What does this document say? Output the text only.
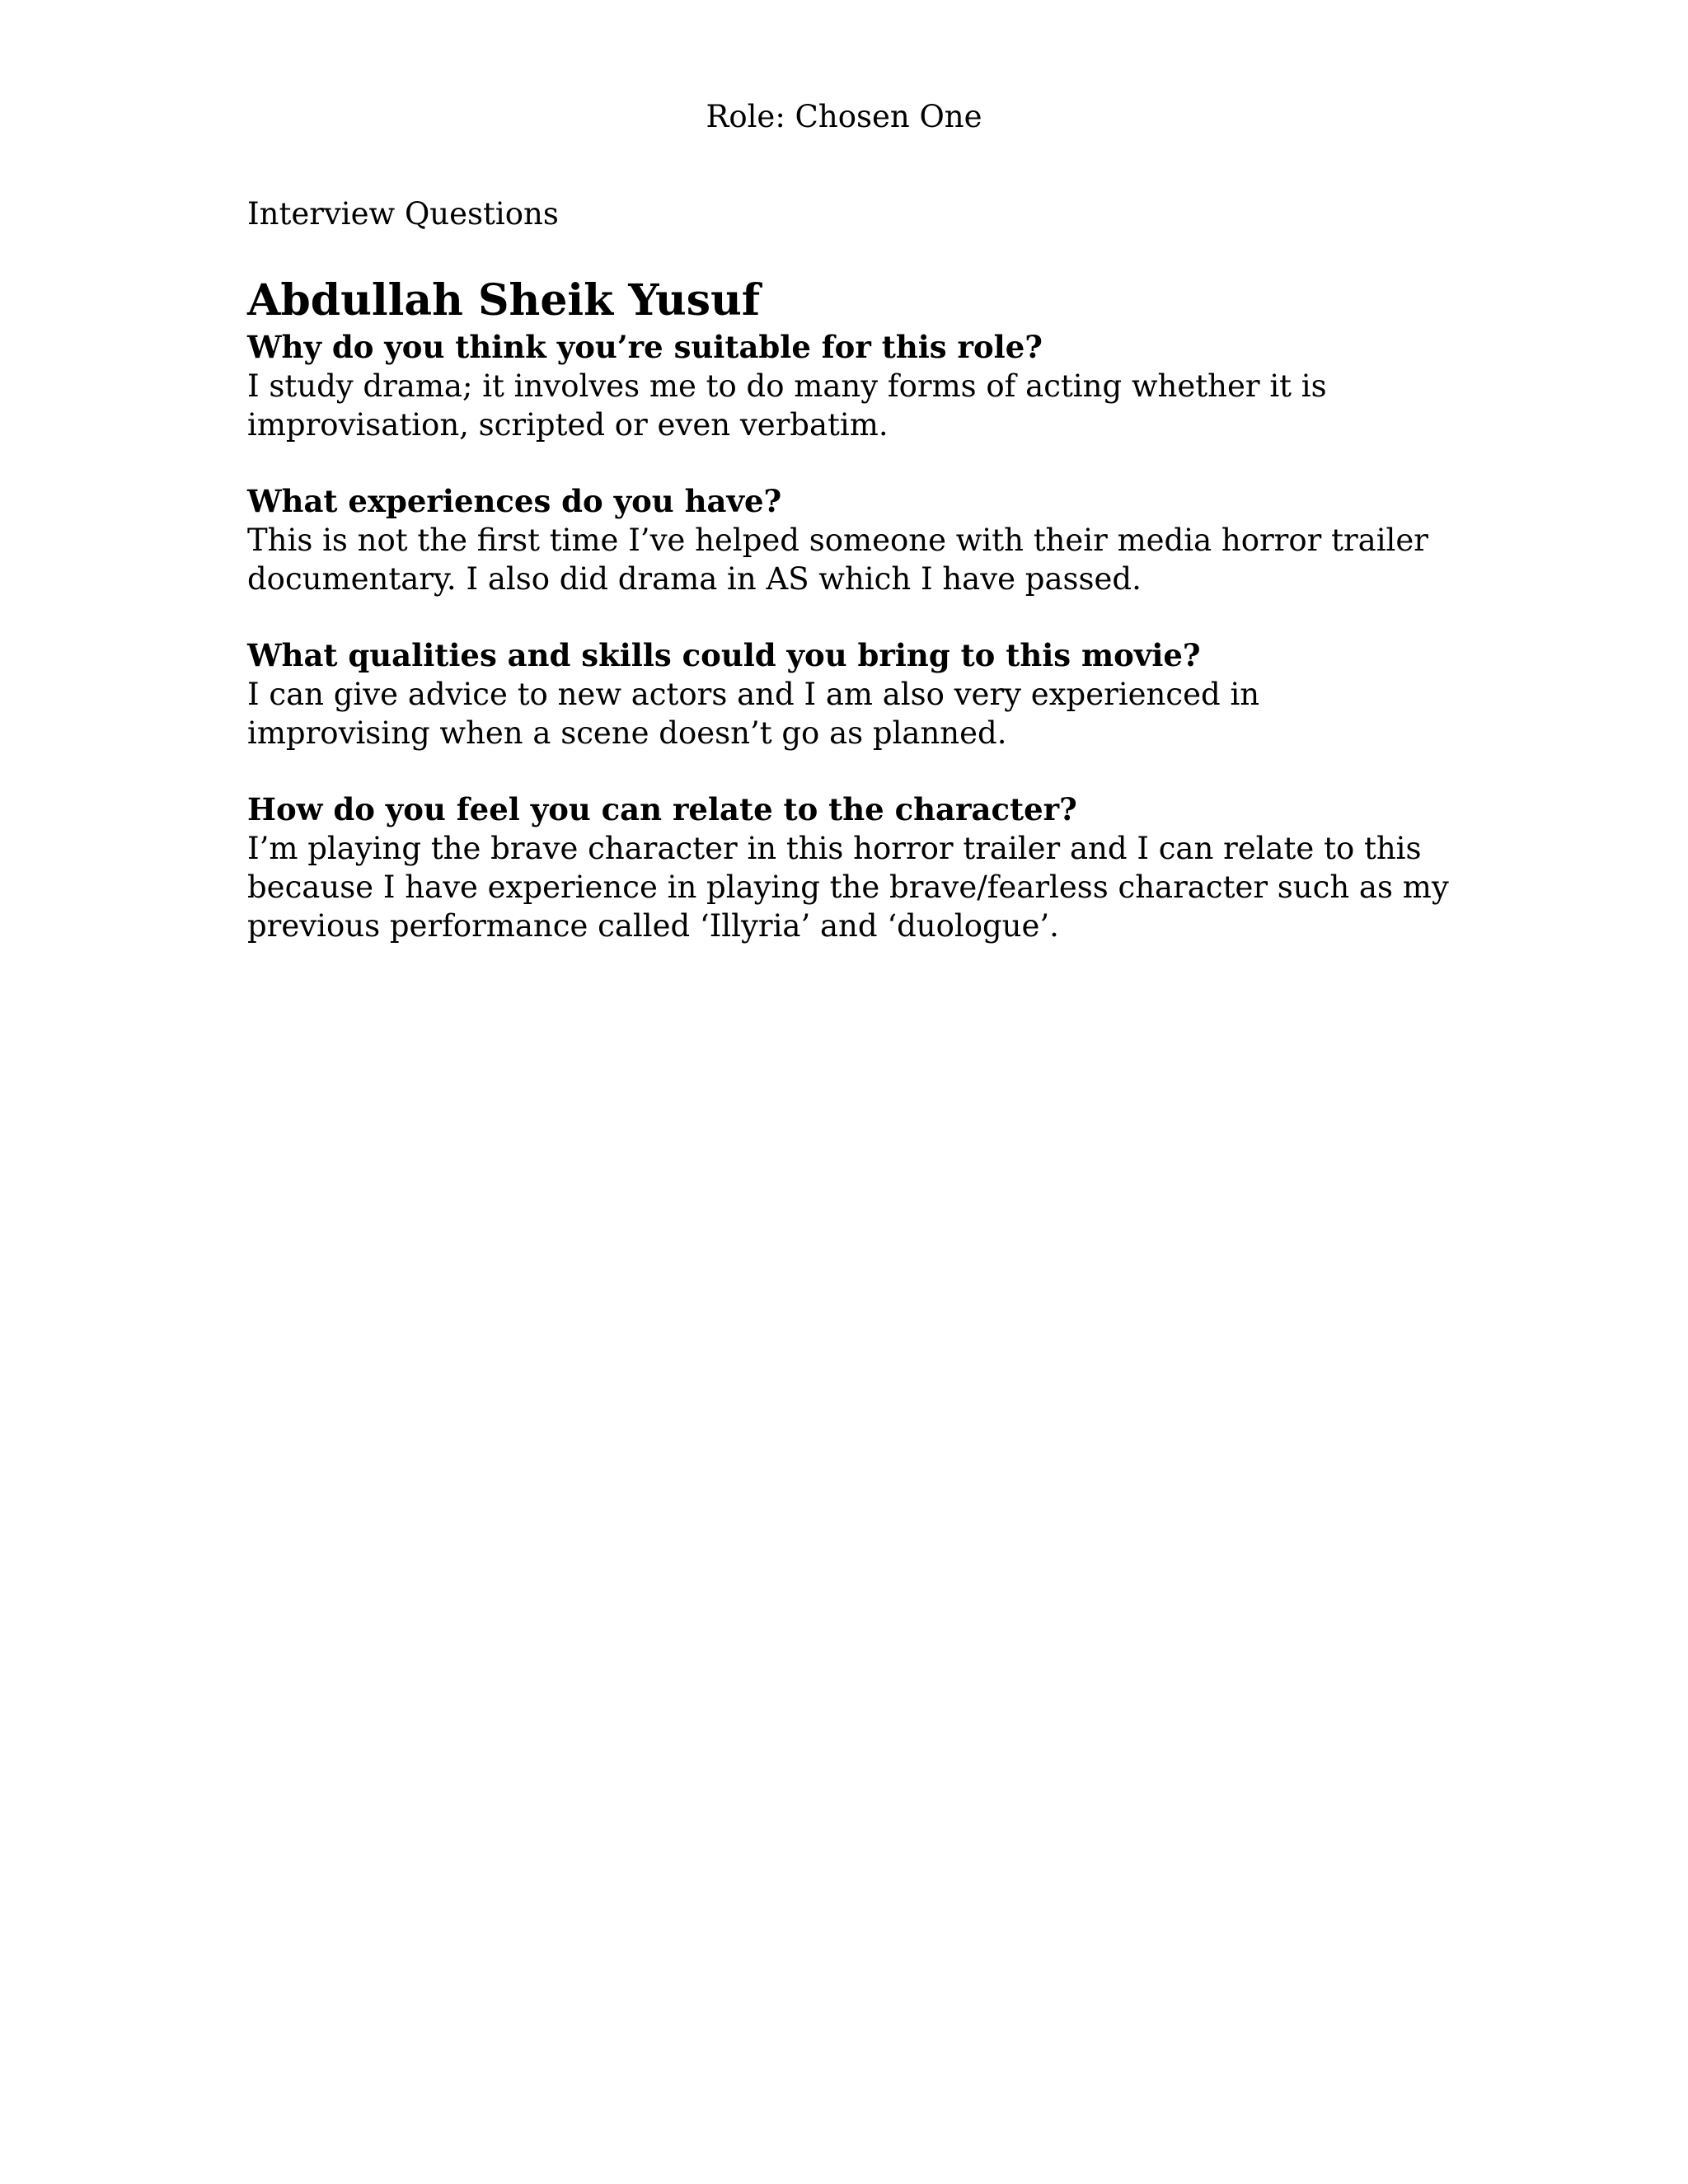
Role: Chosen One

Interview Questions

Abdullah Sheik Yusuf

Why do you think you’re suitable for this role?

I study drama; it involves me to do many forms of acting whether it is improvisation, scripted or even verbatim.

What experiences do you have?

This is not the first time I’ve helped someone with their media horror trailer documentary. I also did drama in AS which I have passed.

What qualities and skills could you bring to this movie?

I can give advice to new actors and I am also very experienced in improvising when a scene doesn’t go as planned.

How do you feel you can relate to the character?

I’m playing the brave character in this horror trailer and I can relate to this because I have experience in playing the brave/fearless character such as my previous performance called ‘Illyria’ and ‘duologue’.
